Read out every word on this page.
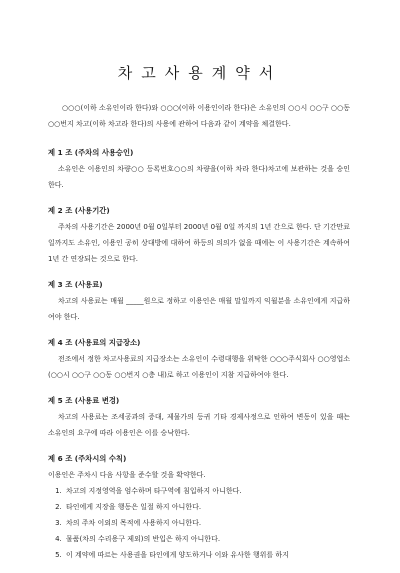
차고사용계약서

○○○(이하 소유인이라 한다)와 ○○○(이하 이용인이라 한다)은 소유인의 ○○시 ○○구 ○○동 ○○번지 차고(이하 차고라 한다)의 사용에 관하여 다음과 같이 계약을 체결한다.

제 1 조 (주차의 사용승인)

소유인은 이용인의 차량○○ 등록번호○○의 차량을(이하 차라 한다)차고에 보관하는 것을 승인한다.

제 2 조 (사용기간)

주차의 사용기간은 2000년 0월 0일부터 2000년 0월 0일 까지의 1년 간으로 한다. 단 기간만료일까지도 소유인, 이용인 공히 상대방에 대하여 하등의 의의가 없을 때에는 이 사용기간은 계속하여 1년 간 연장되는 것으로 한다.

제 3 조 (사용료)

차고의 사용료는 매월 _____원으로 정하고 이용인은 매월 말일까지 익월분을 소유인에게 지급하여야 한다.

제 4 조 (사용료의 지급장소)

전조에서 정한 차고사용료의 지급장소는 소유인이 수령대행을 위탁한 ○○○주식회사 ○○영업소(○○시 ○○구 ○○동 ○○번지 ○층 내)로 하고 이용인이 지참 지급하여야 한다.

제 5 조 (사용료 변경)

차고의 사용료는 조세공과의 증대, 제물가의 등귀 기타 경제사정으로 인하여 변동이 있을 때는 소유인의 요구에 따라 이용인은 이를 승낙한다.

제 6 조 (주차시의 수칙)

이용인은 주차시 다음 사항을 준수할 것을 확약한다.

1. 차고의 지정영역을 엄수하며 타구역에 침입하지 아니한다.
2. 타인에게 지장을 행동은 일절 하지 아니한다.
3. 차의 주차 이외의 목적에 사용하지 아니한다.
4. 물품(차의 수리용구 제외)의 반입은 하지 아니한다.
5. 이 계약에 따르는 사용권을 타인에게 양도하거나 이와 유사한 행위를 하지
